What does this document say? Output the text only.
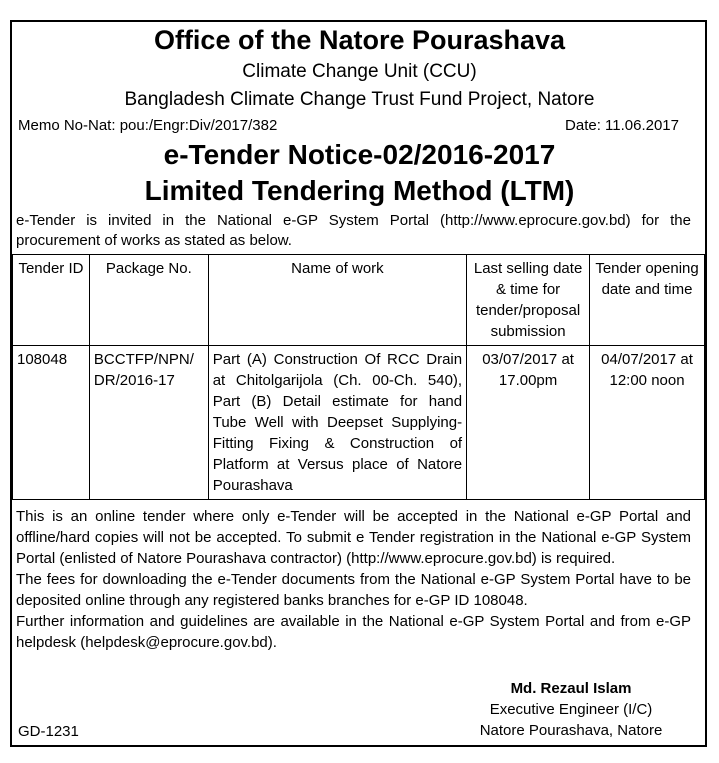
Office of the Natore Pourashava
Climate Change Unit (CCU)
Bangladesh Climate Change Trust Fund Project, Natore
Memo No-Nat: pou:/Engr:Div/2017/382	Date: 11.06.2017
e-Tender Notice-02/2016-2017
Limited Tendering Method (LTM)
e-Tender is invited in the National e-GP System Portal (http://www.eprocure.gov.bd) for the procurement of works as stated as below.
Tender ID	Package No.	Name of work	Last selling date & time for tender/proposal submission	Tender opening date and time
108048	BCCTFP/NPN/DR/2016-17	Part (A) Construction Of RCC Drain at Chitolgarijola (Ch. 00-Ch. 540), Part (B) Detail estimate for hand Tube Well with Deepset Supplying-Fitting Fixing & Construction of Platform at Versus place of Natore Pourashava	03/07/2017 at 17.00pm	04/07/2017 at 12:00 noon

This is an online tender where only e-Tender will be accepted in the National e-GP Portal and offline/hard copies will not be accepted. To submit e Tender registration in the National e-GP System Portal (enlisted of Natore Pourashava contractor) (http://www.eprocure.gov.bd) is required.

The fees for downloading the e-Tender documents from the National e-GP System Portal have to be deposited online through any registered banks branches for e-GP ID 108048.

Further information and guidelines are available in the National e-GP System Portal and from e-GP helpdesk (helpdesk@eprocure.gov.bd).

Md. Rezaul Islam
Executive Engineer (I/C)
Natore Pourashava, Natore
GD-1231
